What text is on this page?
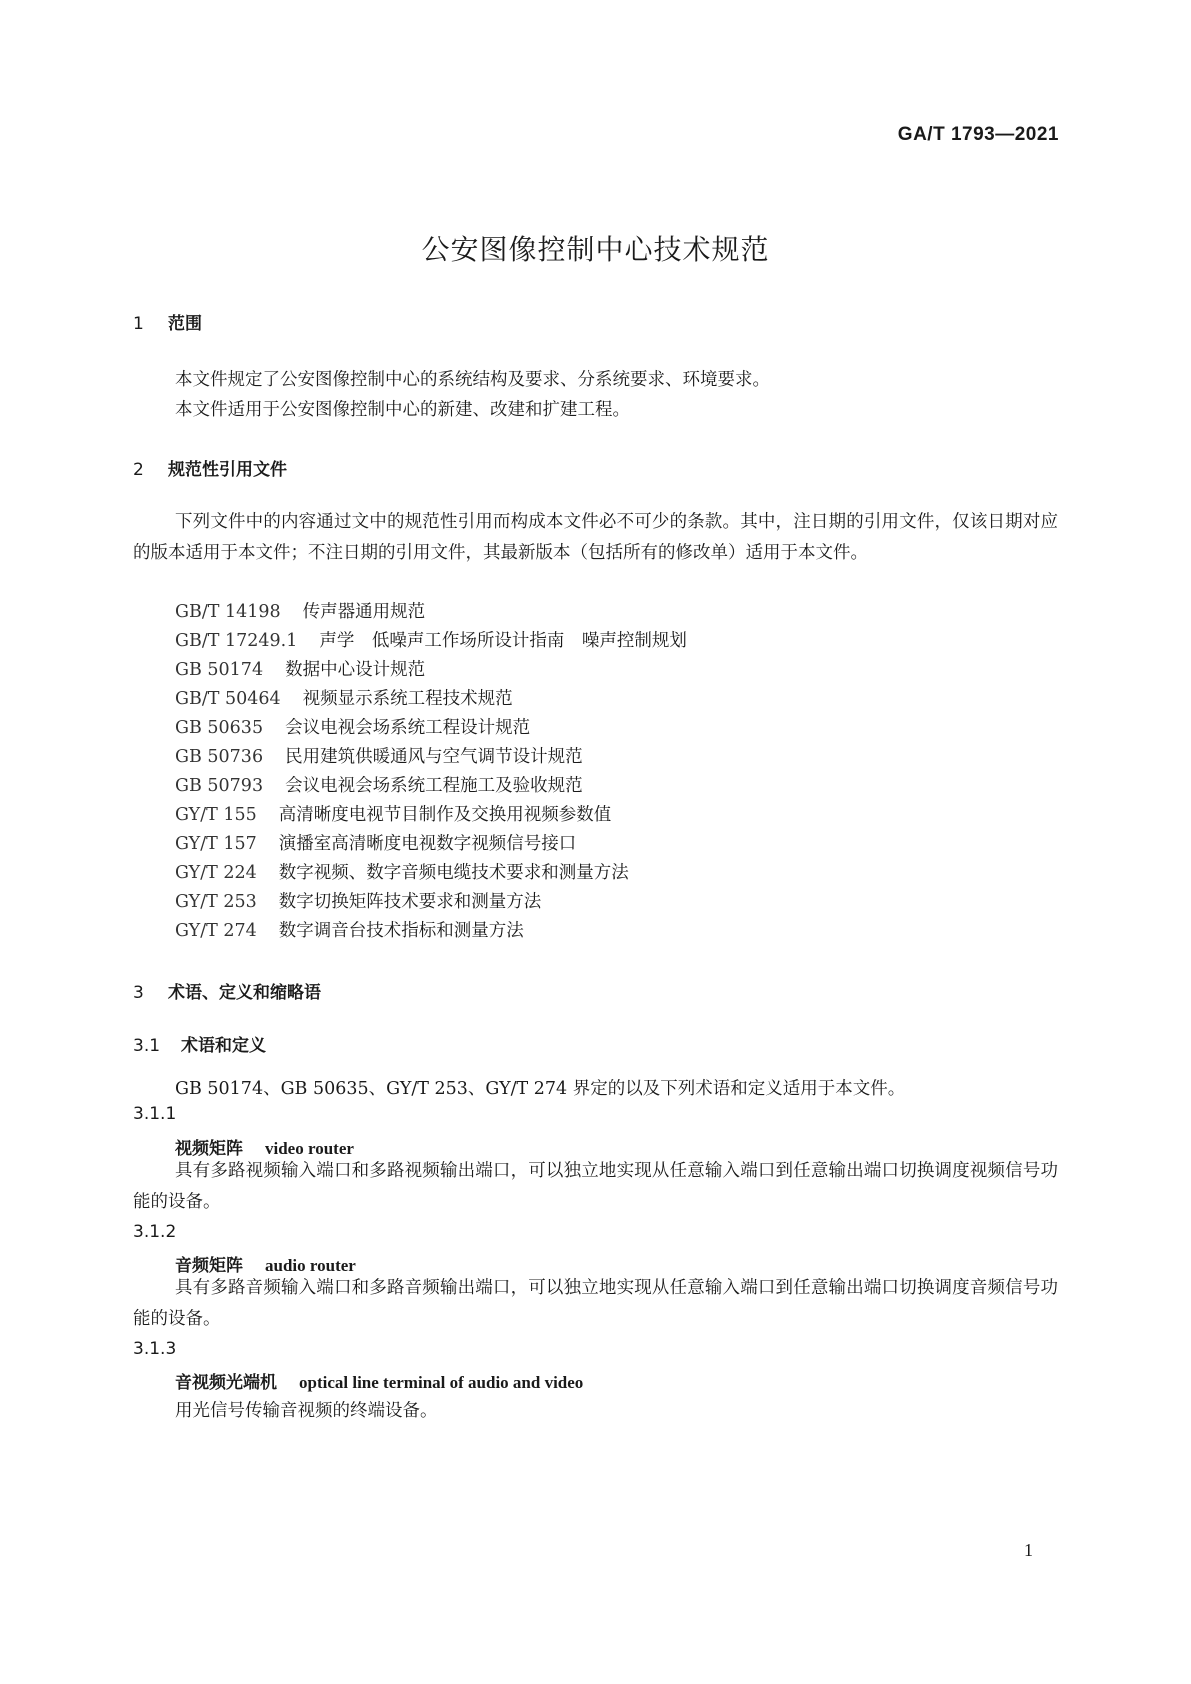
GA/T 1793—2021
公安图像控制中心技术规范
1 范围
本文件规定了公安图像控制中心的系统结构及要求、分系统要求、环境要求。
本文件适用于公安图像控制中心的新建、改建和扩建工程。
2 规范性引用文件
下列文件中的内容通过文中的规范性引用而构成本文件必不可少的条款。其中，注日期的引用文件，仅该日期对应的版本适用于本文件；不注日期的引用文件，其最新版本（包括所有的修改单）适用于本文件。
GB/T 14198 传声器通用规范
GB/T 17249.1 声学　低噪声工作场所设计指南　噪声控制规划
GB 50174 数据中心设计规范
GB/T 50464 视频显示系统工程技术规范
GB 50635 会议电视会场系统工程设计规范
GB 50736 民用建筑供暖通风与空气调节设计规范
GB 50793 会议电视会场系统工程施工及验收规范
GY/T 155 高清晰度电视节目制作及交换用视频参数值
GY/T 157 演播室高清晰度电视数字视频信号接口
GY/T 224 数字视频、数字音频电缆技术要求和测量方法
GY/T 253 数字切换矩阵技术要求和测量方法
GY/T 274 数字调音台技术指标和测量方法
3 术语、定义和缩略语
3.1 术语和定义
GB 50174、GB 50635、GY/T 253、GY/T 274 界定的以及下列术语和定义适用于本文件。
3.1.1
视频矩阵 video router
具有多路视频输入端口和多路视频输出端口，可以独立地实现从任意输入端口到任意输出端口切换调度视频信号功能的设备。
3.1.2
音频矩阵 audio router
具有多路音频输入端口和多路音频输出端口，可以独立地实现从任意输入端口到任意输出端口切换调度音频信号功能的设备。
3.1.3
音视频光端机 optical line terminal of audio and video
用光信号传输音视频的终端设备。
1
